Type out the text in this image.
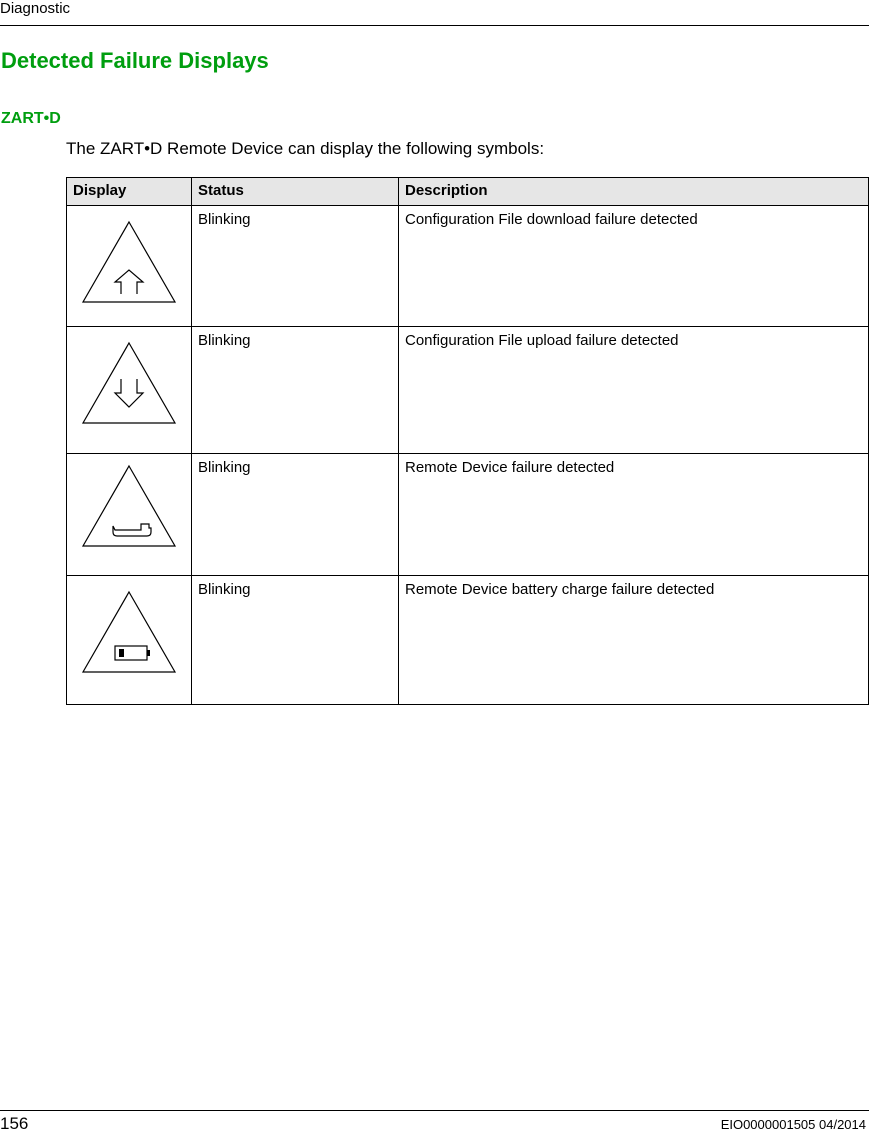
Diagnostic
Detected Failure Displays
ZART•D

The ZART•D Remote Device can display the following symbols:

Display	Status	Description

	Blinking	Configuration File download failure detected

	Blinking	Configuration File upload failure detected

	Blinking	Remote Device failure detected

	Blinking	Remote Device battery charge failure detected
156	EIO0000001505 04/2014
